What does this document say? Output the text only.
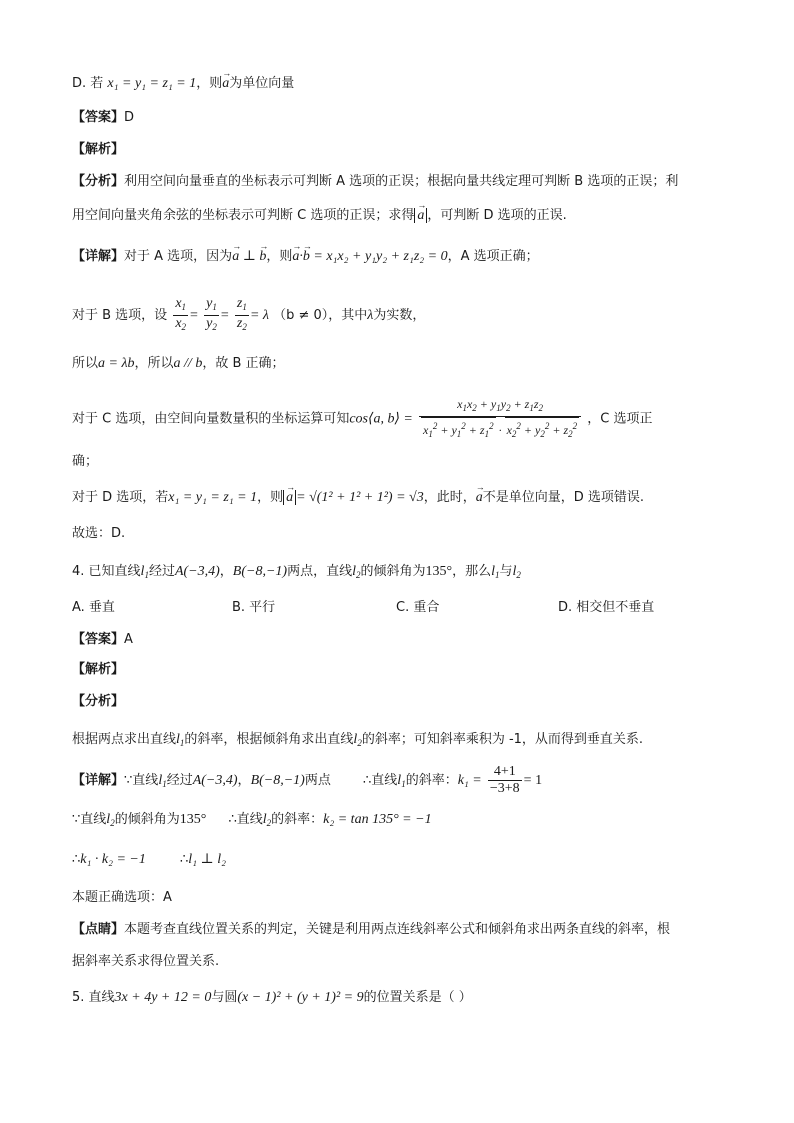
D. 若 x₁ = y₁ = z₁ = 1，则→ a为单位向量
【答案】D
【解析】
【分析】利用空间向量垂直的坐标表示可判断 A 选项的正误；根据向量共线定理可判断 B 选项的正误；利
用空间向量夹角余弦的坐标表示可判断 C 选项的正误；求得 → a ，可判断 D 选项的正误.
【详解】对于 A 选项，因为→ a ⊥ → b，则→ a·→ b = x₁x₂ + y₁y₂ + z₁z₂ = 0，A 选项正确；
对于 B 选项，设 $\frac{x_1}{x_2} = \frac{y_1}{y_2} = \frac{z_1}{z_2} = \lambda$ （b ≠ 0），其中λ为实数，
所以a = λb，所以a // b，故 B 正确；
对于 C 选项，由空间向量数量积的坐标运算可知cos⟨a, b⟩ = $\frac{x_1x_2 + y_1y_2 + z_1z_2}{x_1^2 + y_1^2 + z_1^2 \cdot x_2^2 + y_2^2 + z_2^2}$ ，C 选项正
确；
对于 D 选项，若x₁ = y₁ = z₁ = 1，则 → a = √(1² + 1² + 1²) = √3，此时，→ a不是单位向量，D 选项错误.
故选：D.
4. 已知直线$l_1$经过A(−3,4)，B(−8,−1)两点，直线$l_2$的倾斜角为135°，那么$l_1$与$l_2$
A. 垂直	B. 平行	C. 重合	D. 相交但不垂直
【答案】A
【解析】
【分析】
根据两点求出直线$l_1$的斜率，根据倾斜角求出直线$l_2$的斜率；可知斜率乘积为 -1，从而得到垂直关系.
【详解】∵直线$l_1$经过A(−3,4)，B(−8,−1)两点 ∴直线$l_1$的斜率：$k_1 = \frac{4+1}{-3+8} = 1$
∵直线$l_2$的倾斜角为135° ∴直线$l_2$的斜率：k₂ = tan 135° = −1
∴k₁ · k₂ = −1	∴l₁ ⊥ l₂
本题正确选项：A
【点睛】本题考查直线位置关系的判定，关键是利用两点连线斜率公式和倾斜角求出两条直线的斜率，根
据斜率关系求得位置关系.
5. 直线3x + 4y + 12 = 0与圆(x − 1)² + (y + 1)² = 9的位置关系是（ ）
